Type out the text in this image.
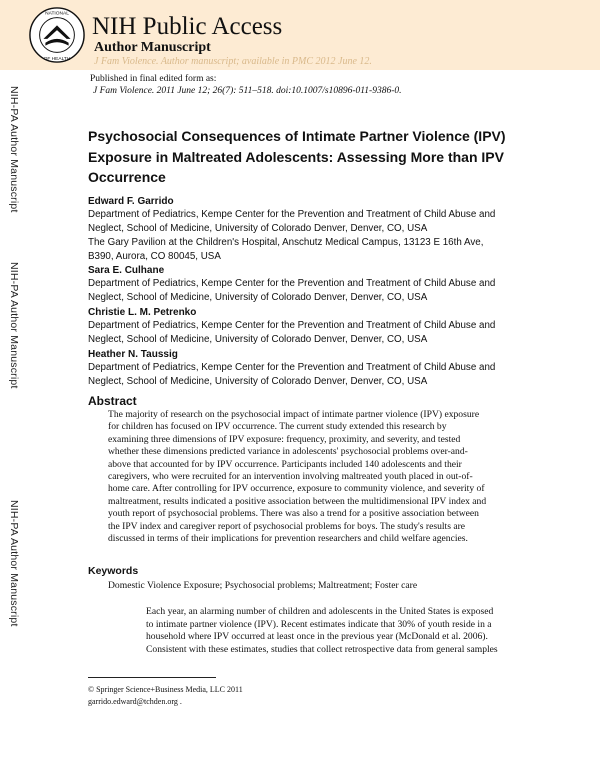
NATIONAL
OF HEALTH
NIH Public Access
Author Manuscript
J Fam Violence. Author manuscript; available in PMC 2012 June 12.
NIH-PA Author Manuscript
NIH-PA Author Manuscript
NIH-PA Author Manuscript
Published in final edited form as:
J Fam Violence. 2011 June 12; 26(7): 511–518. doi:10.1007/s10896-011-9386-0.
Psychosocial Consequences of Intimate Partner Violence (IPV)
Exposure in Maltreated Adolescents: Assessing More than IPV
Occurrence
Edward F. Garrido
Department of Pediatrics, Kempe Center for the Prevention and Treatment of Child Abuse and
Neglect, School of Medicine, University of Colorado Denver, Denver, CO, USA
The Gary Pavilion at the Children's Hospital, Anschutz Medical Campus, 13123 E 16th Ave,
B390, Aurora, CO 80045, USA
Sara E. Culhane
Department of Pediatrics, Kempe Center for the Prevention and Treatment of Child Abuse and
Neglect, School of Medicine, University of Colorado Denver, Denver, CO, USA
Christie L. M. Petrenko
Department of Pediatrics, Kempe Center for the Prevention and Treatment of Child Abuse and
Neglect, School of Medicine, University of Colorado Denver, Denver, CO, USA
Heather N. Taussig
Department of Pediatrics, Kempe Center for the Prevention and Treatment of Child Abuse and
Neglect, School of Medicine, University of Colorado Denver, Denver, CO, USA
Abstract
The majority of research on the psychosocial impact of intimate partner violence (IPV) exposure
for children has focused on IPV occurrence. The current study extended this research by
examining three dimensions of IPV exposure: frequency, proximity, and severity, and tested
whether these dimensions predicted variance in adolescents' psychosocial problems over-and-
above that accounted for by IPV occurrence. Participants included 140 adolescents and their
caregivers, who were recruited for an intervention involving maltreated youth placed in out-of-
home care. After controlling for IPV occurrence, exposure to community violence, and severity of
maltreatment, results indicated a positive association between the multidimensional IPV index and
youth report of psychosocial problems. There was also a trend for a positive association between
the IPV index and caregiver report of psychosocial problems for boys. The study's results are
discussed in terms of their implications for prevention researchers and child welfare agencies.
Keywords
Domestic Violence Exposure; Psychosocial problems; Maltreatment; Foster care
Each year, an alarming number of children and adolescents in the United States is exposed
to intimate partner violence (IPV). Recent estimates indicate that 30% of youth reside in a
household where IPV occurred at least once in the previous year (McDonald et al. 2006).
Consistent with these estimates, studies that collect retrospective data from general samples
© Springer Science+Business Media, LLC 2011
garrido.edward@tchden.org .
